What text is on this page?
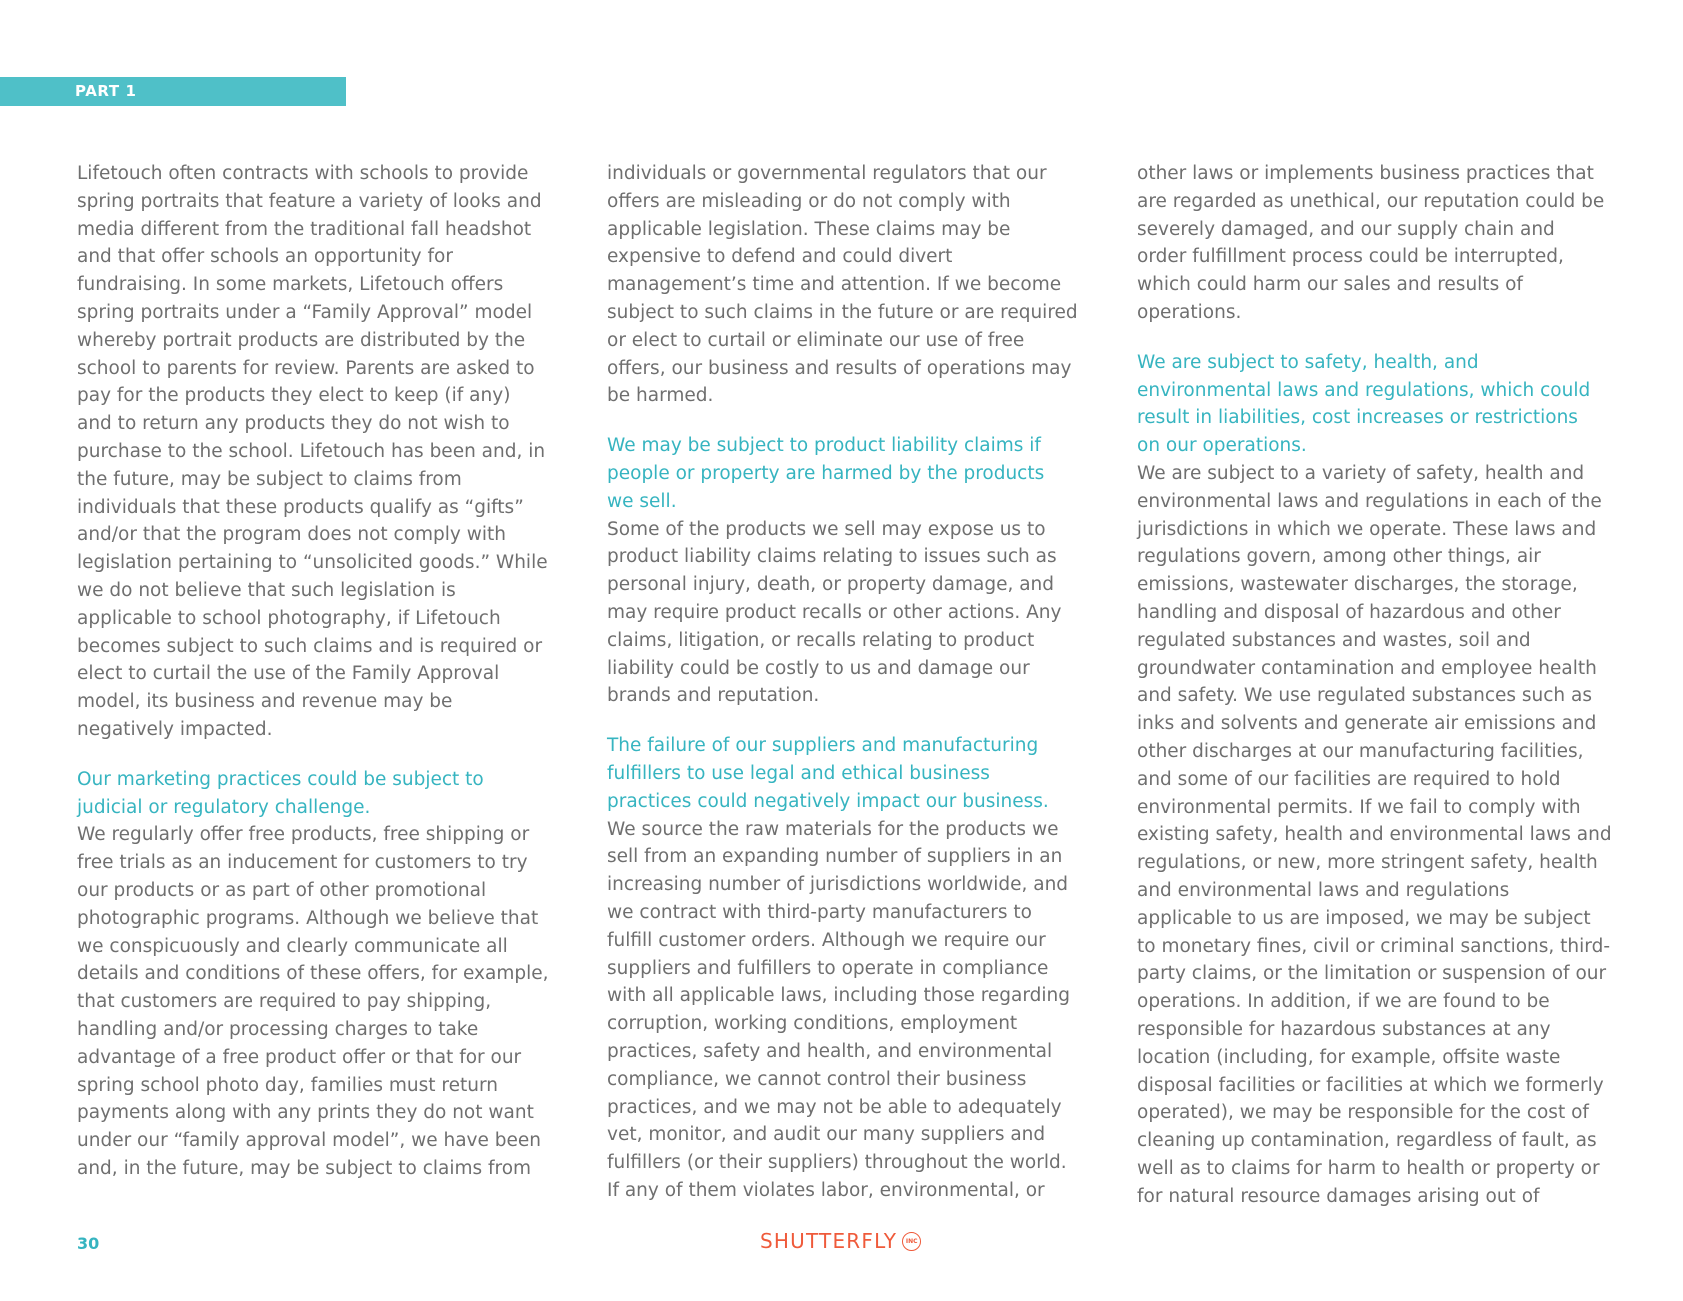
PART 1

Lifetouch often contracts with schools to provide

spring portraits that feature a variety of looks and

media different from the traditional fall headshot

and that offer schools an opportunity for

fundraising. In some markets, Lifetouch offers

spring portraits under a “Family Approval” model

whereby portrait products are distributed by the

school to parents for review. Parents are asked to

pay for the products they elect to keep (if any)

and to return any products they do not wish to

purchase to the school. Lifetouch has been and, in

the future, may be subject to claims from

individuals that these products qualify as “gifts”

and/or that the program does not comply with

legislation pertaining to “unsolicited goods.” While

we do not believe that such legislation is

applicable to school photography, if Lifetouch

becomes subject to such claims and is required or

elect to curtail the use of the Family Approval

model, its business and revenue may be

negatively impacted.

Our marketing practices could be subject to

judicial or regulatory challenge.

We regularly offer free products, free shipping or

free trials as an inducement for customers to try

our products or as part of other promotional

photographic programs. Although we believe that

we conspicuously and clearly communicate all

details and conditions of these offers, for example,

that customers are required to pay shipping,

handling and/or processing charges to take

advantage of a free product offer or that for our

spring school photo day, families must return

payments along with any prints they do not want

under our “family approval model”, we have been

and, in the future, may be subject to claims from

individuals or governmental regulators that our

offers are misleading or do not comply with

applicable legislation. These claims may be

expensive to defend and could divert

management’s time and attention. If we become

subject to such claims in the future or are required

or elect to curtail or eliminate our use of free

offers, our business and results of operations may

be harmed.

We may be subject to product liability claims if

people or property are harmed by the products

we sell.

Some of the products we sell may expose us to

product liability claims relating to issues such as

personal injury, death, or property damage, and

may require product recalls or other actions. Any

claims, litigation, or recalls relating to product

liability could be costly to us and damage our

brands and reputation.

The failure of our suppliers and manufacturing

fulfillers to use legal and ethical business

practices could negatively impact our business.

We source the raw materials for the products we

sell from an expanding number of suppliers in an

increasing number of jurisdictions worldwide, and

we contract with third-party manufacturers to

fulfill customer orders. Although we require our

suppliers and fulfillers to operate in compliance

with all applicable laws, including those regarding

corruption, working conditions, employment

practices, safety and health, and environmental

compliance, we cannot control their business

practices, and we may not be able to adequately

vet, monitor, and audit our many suppliers and

fulfillers (or their suppliers) throughout the world.

If any of them violates labor, environmental, or

other laws or implements business practices that

are regarded as unethical, our reputation could be

severely damaged, and our supply chain and

order fulfillment process could be interrupted,

which could harm our sales and results of

operations.

We are subject to safety, health, and

environmental laws and regulations, which could

result in liabilities, cost increases or restrictions

on our operations.

We are subject to a variety of safety, health and

environmental laws and regulations in each of the

jurisdictions in which we operate. These laws and

regulations govern, among other things, air

emissions, wastewater discharges, the storage,

handling and disposal of hazardous and other

regulated substances and wastes, soil and

groundwater contamination and employee health

and safety. We use regulated substances such as

inks and solvents and generate air emissions and

other discharges at our manufacturing facilities,

and some of our facilities are required to hold

environmental permits. If we fail to comply with

existing safety, health and environmental laws and

regulations, or new, more stringent safety, health

and environmental laws and regulations

applicable to us are imposed, we may be subject

to monetary fines, civil or criminal sanctions, third-

party claims, or the limitation or suspension of our

operations. In addition, if we are found to be

responsible for hazardous substances at any

location (including, for example, offsite waste

disposal facilities or facilities at which we formerly

operated), we may be responsible for the cost of

cleaning up contamination, regardless of fault, as

well as to claims for harm to health or property or

for natural resource damages arising out of

30	SHUTTERFLY	INC
